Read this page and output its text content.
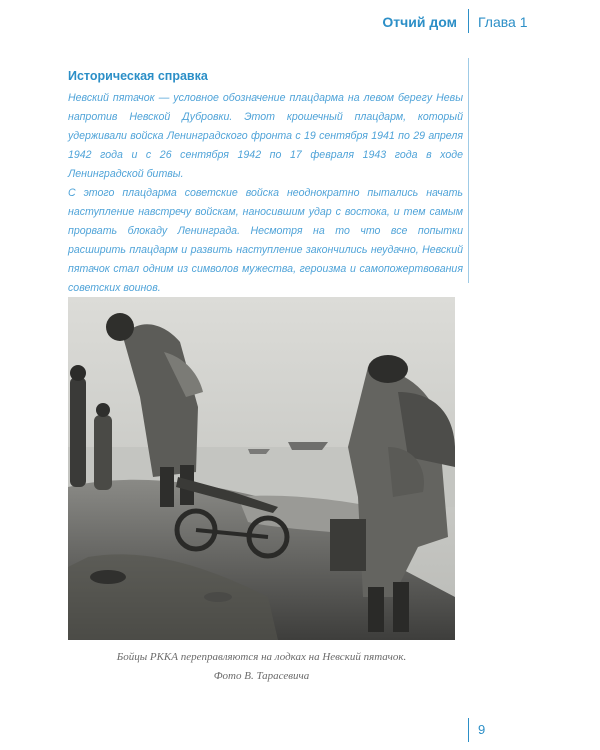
Отчий дом Глава 1
Историческая справка

Невский пятачок — условное обозначение плацдарма на левом берегу Невы напротив Невской Дубровки. Этот крошечный плацдарм, который удерживали войска Ленинградского фронта с 19 сентября 1941 по 29 апреля 1942 года и с 26 сентября 1942 по 17 февраля 1943 года в ходе Ленинградской битвы.

С этого плацдарма советские войска неоднократно пытались начать наступление навстречу войскам, наносившим удар с востока, и тем самым прорвать блокаду Ленинграда. Несмотря на то что все попытки расширить плацдарм и развить наступление закончились неудачно, Невский пятачок стал одним из символов мужества, героизма и самопожертвования советских воинов.

Бойцы РККА переправляются на лодках на Невский пятачок.
Фото В. Тарасевича
9
